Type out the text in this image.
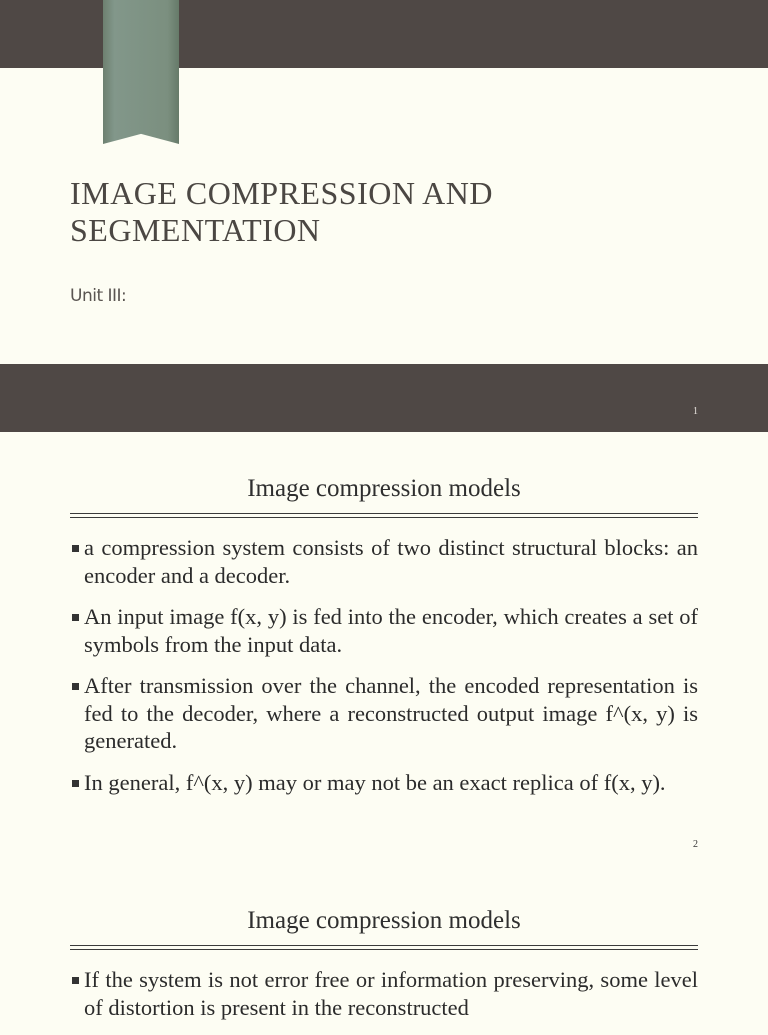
IMAGE COMPRESSION AND SEGMENTATION
Unit III:
1
Image compression models
a compression system consists of two distinct structural blocks: an encoder and a decoder.
An input image f(x, y) is fed into the encoder, which creates a set of symbols from the input data.
After transmission over the channel, the encoded representation is fed to the decoder, where a reconstructed output image f^(x, y) is generated.
In general, f^(x, y) may or may not be an exact replica of f(x, y).
2
Image compression models
If the system is not error free or information preserving, some level of distortion is present in the reconstructed
